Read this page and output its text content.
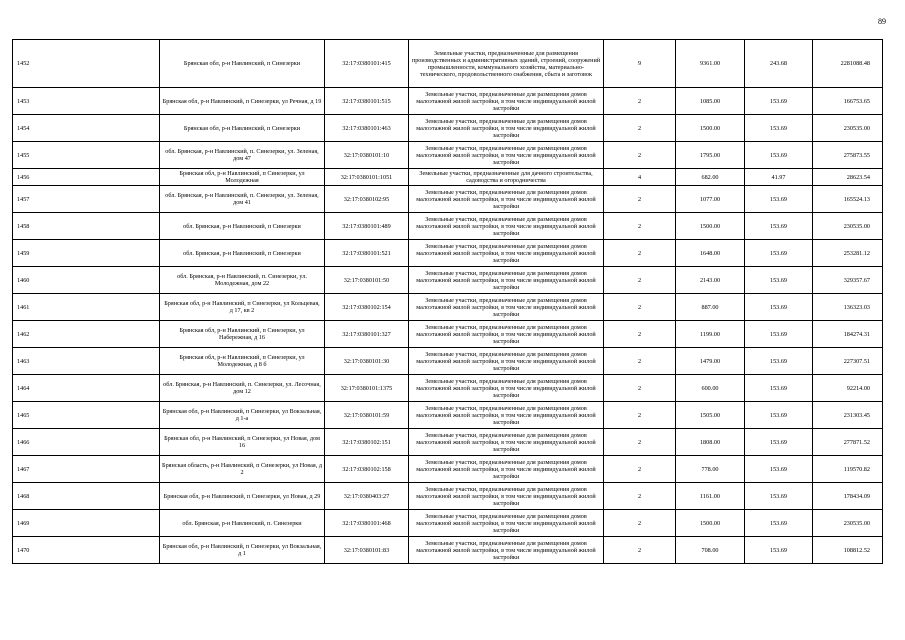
89
1452	Брянская обл, р-н Навлинский, п Синезерки	32:17:0380101:415	Земельные участки, предназначенные для размещения производственных и административных зданий, строений, сооружений промышленности, коммунального хозяйства, материально-технического, продовольственного снабжения, сбыта и заготовок	9	9361.00	243.68	2281088.48
1453	Брянская обл, р-н Навлинский, п Синезерки, ул Речная, д 19	32:17:0380101:515	Земельные участки, предназначенные для размещения домов малоэтажной жилой застройки, в том числе индивидуальной жилой застройки	2	1085.00	153.69	166753.65
1454	Брянская обл, р-н Навлинский, п Синезерки	32:17:0380101:463	Земельные участки, предназначенные для размещения домов малоэтажной жилой застройки, в том числе индивидуальной жилой застройки	2	1500.00	153.69	230535.00
1455	обл. Брянская, р-н Навлинский, п. Синезерки, ул. Зеленая, дом 47	32:17:0380101:10	Земельные участки, предназначенные для размещения домов малоэтажной жилой застройки, в том числе индивидуальной жилой застройки	2	1795.00	153.69	275873.55
1456	Брянская обл, р-н Навлинский, п Синезерки, ул Молодежная	32:17:0380101:1051	Земельные участки, предназначенные для дачного строительства, садоводства и огородничества	4	682.00	41.97	28623.54
1457	обл. Брянская, р-н Навлинский, п. Синезерки, ул. Зеленая, дом 41	32:17:0380102:95	Земельные участки, предназначенные для размещения домов малоэтажной жилой застройки, в том числе индивидуальной жилой застройки	2	1077.00	153.69	165524.13
1458	обл. Брянская, р-н Навлинский, п Синезерки	32:17:0380101:489	Земельные участки, предназначенные для размещения домов малоэтажной жилой застройки, в том числе индивидуальной жилой застройки	2	1500.00	153.69	230535.00
1459	обл. Брянская, р-н Навлинский, п Синезерки	32:17:0380101:521	Земельные участки, предназначенные для размещения домов малоэтажной жилой застройки, в том числе индивидуальной жилой застройки	2	1648.00	153.69	253281.12
1460	обл. Брянская, р-н Навлинский, п. Синезерки, ул. Молодежная, дом 22	32:17:0380101:50	Земельные участки, предназначенные для размещения домов малоэтажной жилой застройки, в том числе индивидуальной жилой застройки	2	2143.00	153.69	329357.67
1461	Брянская обл, р-н Навлинский, п Синезерки, ул Кольцевая, д 17, кв 2	32:17:0380102:154	Земельные участки, предназначенные для размещения домов малоэтажной жилой застройки, в том числе индивидуальной жилой застройки	2	887.00	153.69	136323.03
1462	Брянская обл, р-н Навлинский, п Синезерки, ул Набережная, д 16	32:17:0380101:327	Земельные участки, предназначенные для размещения домов малоэтажной жилой застройки, в том числе индивидуальной жилой застройки	2	1199.00	153.69	184274.31
1463	Брянская обл, р-н Навлинский, п Синезерки, ул Молодежная, д 8 б	32:17:0380101:30	Земельные участки, предназначенные для размещения домов малоэтажной жилой застройки, в том числе индивидуальной жилой застройки	2	1479.00	153.69	227307.51
1464	обл. Брянская, р-н Навлинский, п. Синезерки, ул. Лесочная, дом 12	32:17:0380101:1375	Земельные участки, предназначенные для размещения домов малоэтажной жилой застройки, в том числе индивидуальной жилой застройки	2	600.00	153.69	92214.00
1465	Брянская обл, р-н Навлинский, п Синезерки, ул Вокзальная, д 1-а	32:17:0380101:59	Земельные участки, предназначенные для размещения домов малоэтажной жилой застройки, в том числе индивидуальной жилой застройки	2	1505.00	153.69	231303.45
1466	Брянская обл, р-н Навлинский, п Синезерки, ул Новая, дом 16	32:17:0380102:151	Земельные участки, предназначенные для размещения домов малоэтажной жилой застройки, в том числе индивидуальной жилой застройки	2	1808.00	153.69	277871.52
1467	Брянская область, р-н Навлинский, п Синезерки, ул Новая, д 2	32:17:0380102:158	Земельные участки, предназначенные для размещения домов малоэтажной жилой застройки, в том числе индивидуальной жилой застройки	2	778.00	153.69	119570.82
1468	Брянская обл, р-н Навлинский, п Синезерки, ул Новая, д 29	32:17:0380403:27	Земельные участки, предназначенные для размещения домов малоэтажной жилой застройки, в том числе индивидуальной жилой застройки	2	1161.00	153.69	178434.09
1469	обл. Брянская, р-н Навлинский, п. Синезерки	32:17:0380101:468	Земельные участки, предназначенные для размещения домов малоэтажной жилой застройки, в том числе индивидуальной жилой застройки	2	1500.00	153.69	230535.00
1470	Брянская обл, р-н Навлинский, п Синезерки, ул Вокзальная, д 1	32:17:0380101:83	Земельные участки, предназначенные для размещения домов малоэтажной жилой застройки, в том числе индивидуальной жилой застройки	2	708.00	153.69	108812.52
